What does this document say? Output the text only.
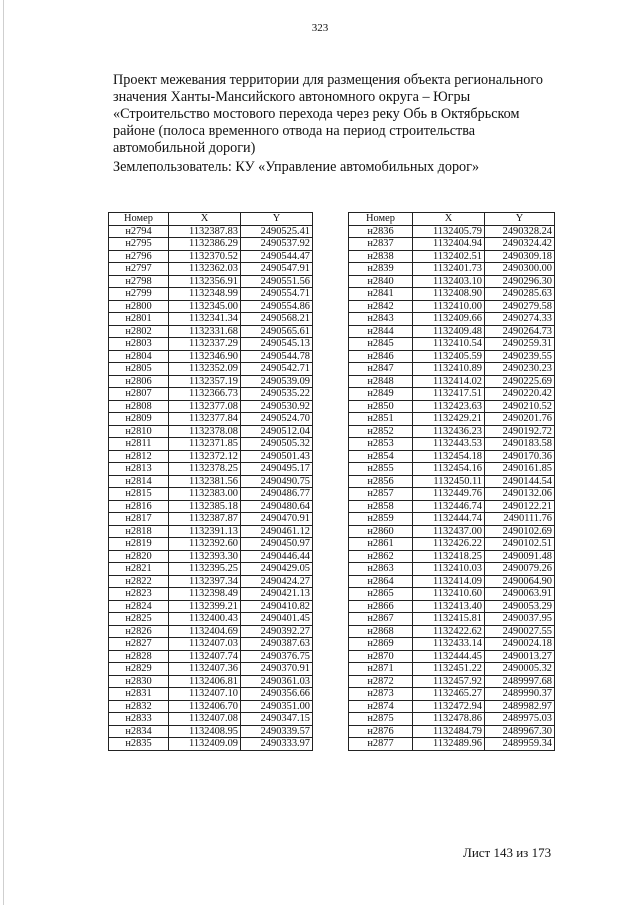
323
Проект межевания территории для размещения объекта регионального
значения Ханты-Мансийского автономного округа – Югры
«Строительство мостового перехода через реку Обь в Октябрьском
районе (полоса временного отвода на период строительства
автомобильной дороги)
Землепользователь: КУ «Управление автомобильных дорог»
Номер	X	Y
н2794	1132387.83	2490525.41
н2795	1132386.29	2490537.92
н2796	1132370.52	2490544.47
н2797	1132362.03	2490547.91
н2798	1132356.91	2490551.56
н2799	1132348.99	2490554.71
н2800	1132345.00	2490554.86
н2801	1132341.34	2490568.21
н2802	1132331.68	2490565.61
н2803	1132337.29	2490545.13
н2804	1132346.90	2490544.78
н2805	1132352.09	2490542.71
н2806	1132357.19	2490539.09
н2807	1132366.73	2490535.22
н2808	1132377.08	2490530.92
н2809	1132377.84	2490524.70
н2810	1132378.08	2490512.04
н2811	1132371.85	2490505.32
н2812	1132372.12	2490501.43
н2813	1132378.25	2490495.17
н2814	1132381.56	2490490.75
н2815	1132383.00	2490486.77
н2816	1132385.18	2490480.64
н2817	1132387.87	2490470.91
н2818	1132391.13	2490461.12
н2819	1132392.60	2490450.97
н2820	1132393.30	2490446.44
н2821	1132395.25	2490429.05
н2822	1132397.34	2490424.27
н2823	1132398.49	2490421.13
н2824	1132399.21	2490410.82
н2825	1132400.43	2490401.45
н2826	1132404.69	2490392.27
н2827	1132407.03	2490387.63
н2828	1132407.74	2490376.75
н2829	1132407.36	2490370.91
н2830	1132406.81	2490361.03
н2831	1132407.10	2490356.66
н2832	1132406.70	2490351.00
н2833	1132407.08	2490347.15
н2834	1132408.95	2490339.57
н2835	1132409.09	2490333.97
Номер	X	Y
н2836	1132405.79	2490328.24
н2837	1132404.94	2490324.42
н2838	1132402.51	2490309.18
н2839	1132401.73	2490300.00
н2840	1132403.10	2490296.30
н2841	1132408.90	2490285.63
н2842	1132410.00	2490279.58
н2843	1132409.66	2490274.33
н2844	1132409.48	2490264.73
н2845	1132410.54	2490259.31
н2846	1132405.59	2490239.55
н2847	1132410.89	2490230.23
н2848	1132414.02	2490225.69
н2849	1132417.51	2490220.42
н2850	1132423.63	2490210.52
н2851	1132429.21	2490201.76
н2852	1132436.23	2490192.72
н2853	1132443.53	2490183.58
н2854	1132454.18	2490170.36
н2855	1132454.16	2490161.85
н2856	1132450.11	2490144.54
н2857	1132449.76	2490132.06
н2858	1132446.74	2490122.21
н2859	1132444.74	2490111.76
н2860	1132437.00	2490102.69
н2861	1132426.22	2490102.51
н2862	1132418.25	2490091.48
н2863	1132410.03	2490079.26
н2864	1132414.09	2490064.90
н2865	1132410.60	2490063.91
н2866	1132413.40	2490053.29
н2867	1132415.81	2490037.95
н2868	1132422.62	2490027.55
н2869	1132433.14	2490024.18
н2870	1132444.45	2490013.27
н2871	1132451.22	2490005.32
н2872	1132457.92	2489997.68
н2873	1132465.27	2489990.37
н2874	1132472.94	2489982.97
н2875	1132478.86	2489975.03
н2876	1132484.79	2489967.30
н2877	1132489.96	2489959.34
Лист 143 из 173
